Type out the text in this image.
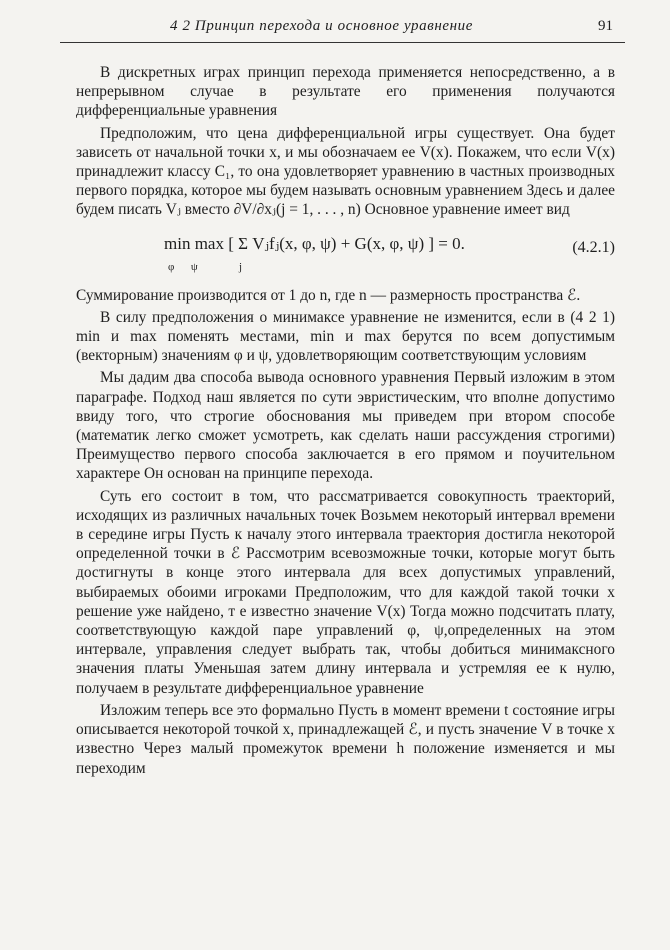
4 2 Принцип перехода и основное уравнение	91

В дискретных играх принцип перехода применяется непосредственно, а в непрерывном случае в результате его применения получаются дифференциальные уравнения

Предположим, что цена дифференциальной игры существует. Она будет зависеть от начальной точки x, и мы обозначаем ее V(x). Покажем, что если V(x) принадлежит классу C₁, то она удовлетворяет уравнению в частных производных первого порядка, которое мы будем называть основным уравнением Здесь и далее будем писать Vⱼ вместо ∂V/∂xⱼ(j = 1, . . . , n) Основное уравнение имеет вид

min max [ Σ Vⱼfⱼ(x, φ, ψ) + G(x, φ, ψ) ] = 0.
φ      ψ               j
(4.2.1)

Суммирование производится от 1 до n, где n — размерность пространства ℰ.

В силу предположения о минимаксе уравнение не изменится, если в (4 2 1) min и max поменять местами, min и max берутся по всем допустимым (векторным) значениям φ и ψ, удовлетворяющим соответствующим условиям

Мы дадим два способа вывода основного уравнения Первый изложим в этом параграфе. Подход наш является по сути эвристическим, что вполне допустимо ввиду того, что строгие обоснования мы приведем при втором способе (математик легко сможет усмотреть, как сделать наши рассуждения строгими) Преимущество первого способа заключается в его прямом и поучительном характере Он основан на принципе перехода.

Суть его состоит в том, что рассматривается совокупность траекторий, исходящих из различных начальных точек Возьмем некоторый интервал времени в середине игры Пусть к началу этого интервала траектория достигла некоторой определенной точки в ℰ Рассмотрим всевозможные точки, которые могут быть достигнуты в конце этого интервала для всех допустимых управлений, выбираемых обоими игроками Предположим, что для каждой такой точки x решение уже найдено, т е известно значение V(x) Тогда можно подсчитать плату, соответствующую каждой паре управлений φ, ψ,определенных на этом интервале, управления следует выбрать так, чтобы добиться минимаксного значения платы Уменьшая затем длину интервала и устремляя ее к нулю, получаем в результате дифференциальное уравнение

Изложим теперь все это формально Пусть в момент времени t состояние игры описывается некоторой точкой x, принадлежащей ℰ, и пусть значение V в точке x известно Через малый промежуток времени h положение изменяется и мы переходим
